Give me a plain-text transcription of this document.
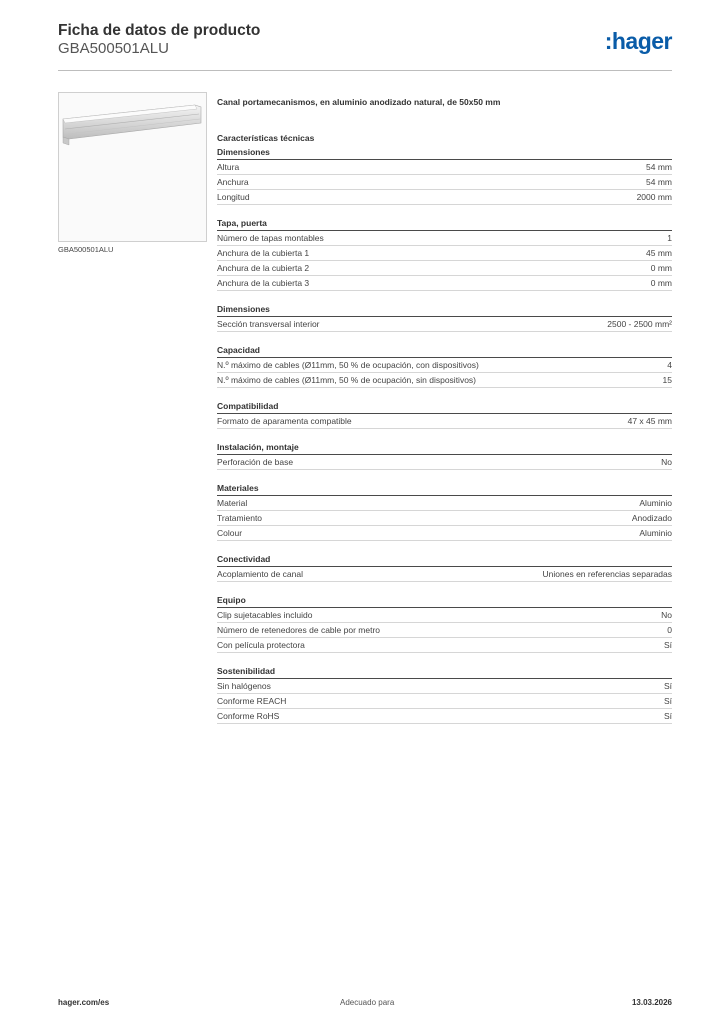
Ficha de datos de producto
GBA500501ALU	:hager
GBA500501ALU
Canal portamecanismos, en aluminio anodizado natural, de 50x50 mm
Características técnicas
Dimensiones
Altura	54 mm
Anchura	54 mm
Longitud	2000 mm
Tapa, puerta
Número de tapas montables	1
Anchura de la cubierta 1	45 mm
Anchura de la cubierta 2	0 mm
Anchura de la cubierta 3	0 mm
Dimensiones
Sección transversal interior	2500 - 2500 mm²
Capacidad
N.º máximo de cables (Ø11mm, 50 % de ocupación, con dispositivos)	4
N.º máximo de cables (Ø11mm, 50 % de ocupación, sin dispositivos)	15
Compatibilidad
Formato de aparamenta compatible	47 x 45 mm
Instalación, montaje
Perforación de base	No
Materiales
Material	Aluminio
Tratamiento	Anodizado
Colour	Aluminio
Conectividad
Acoplamiento de canal	Uniones en referencias separadas
Equipo
Clip sujetacables incluido	No
Número de retenedores de cable por metro	0
Con película protectora	Sí
Sostenibilidad
Sin halógenos	Sí
Conforme REACH	Sí
Conforme RoHS	Sí
hager.com/es	Adecuado para	13.03.2026
